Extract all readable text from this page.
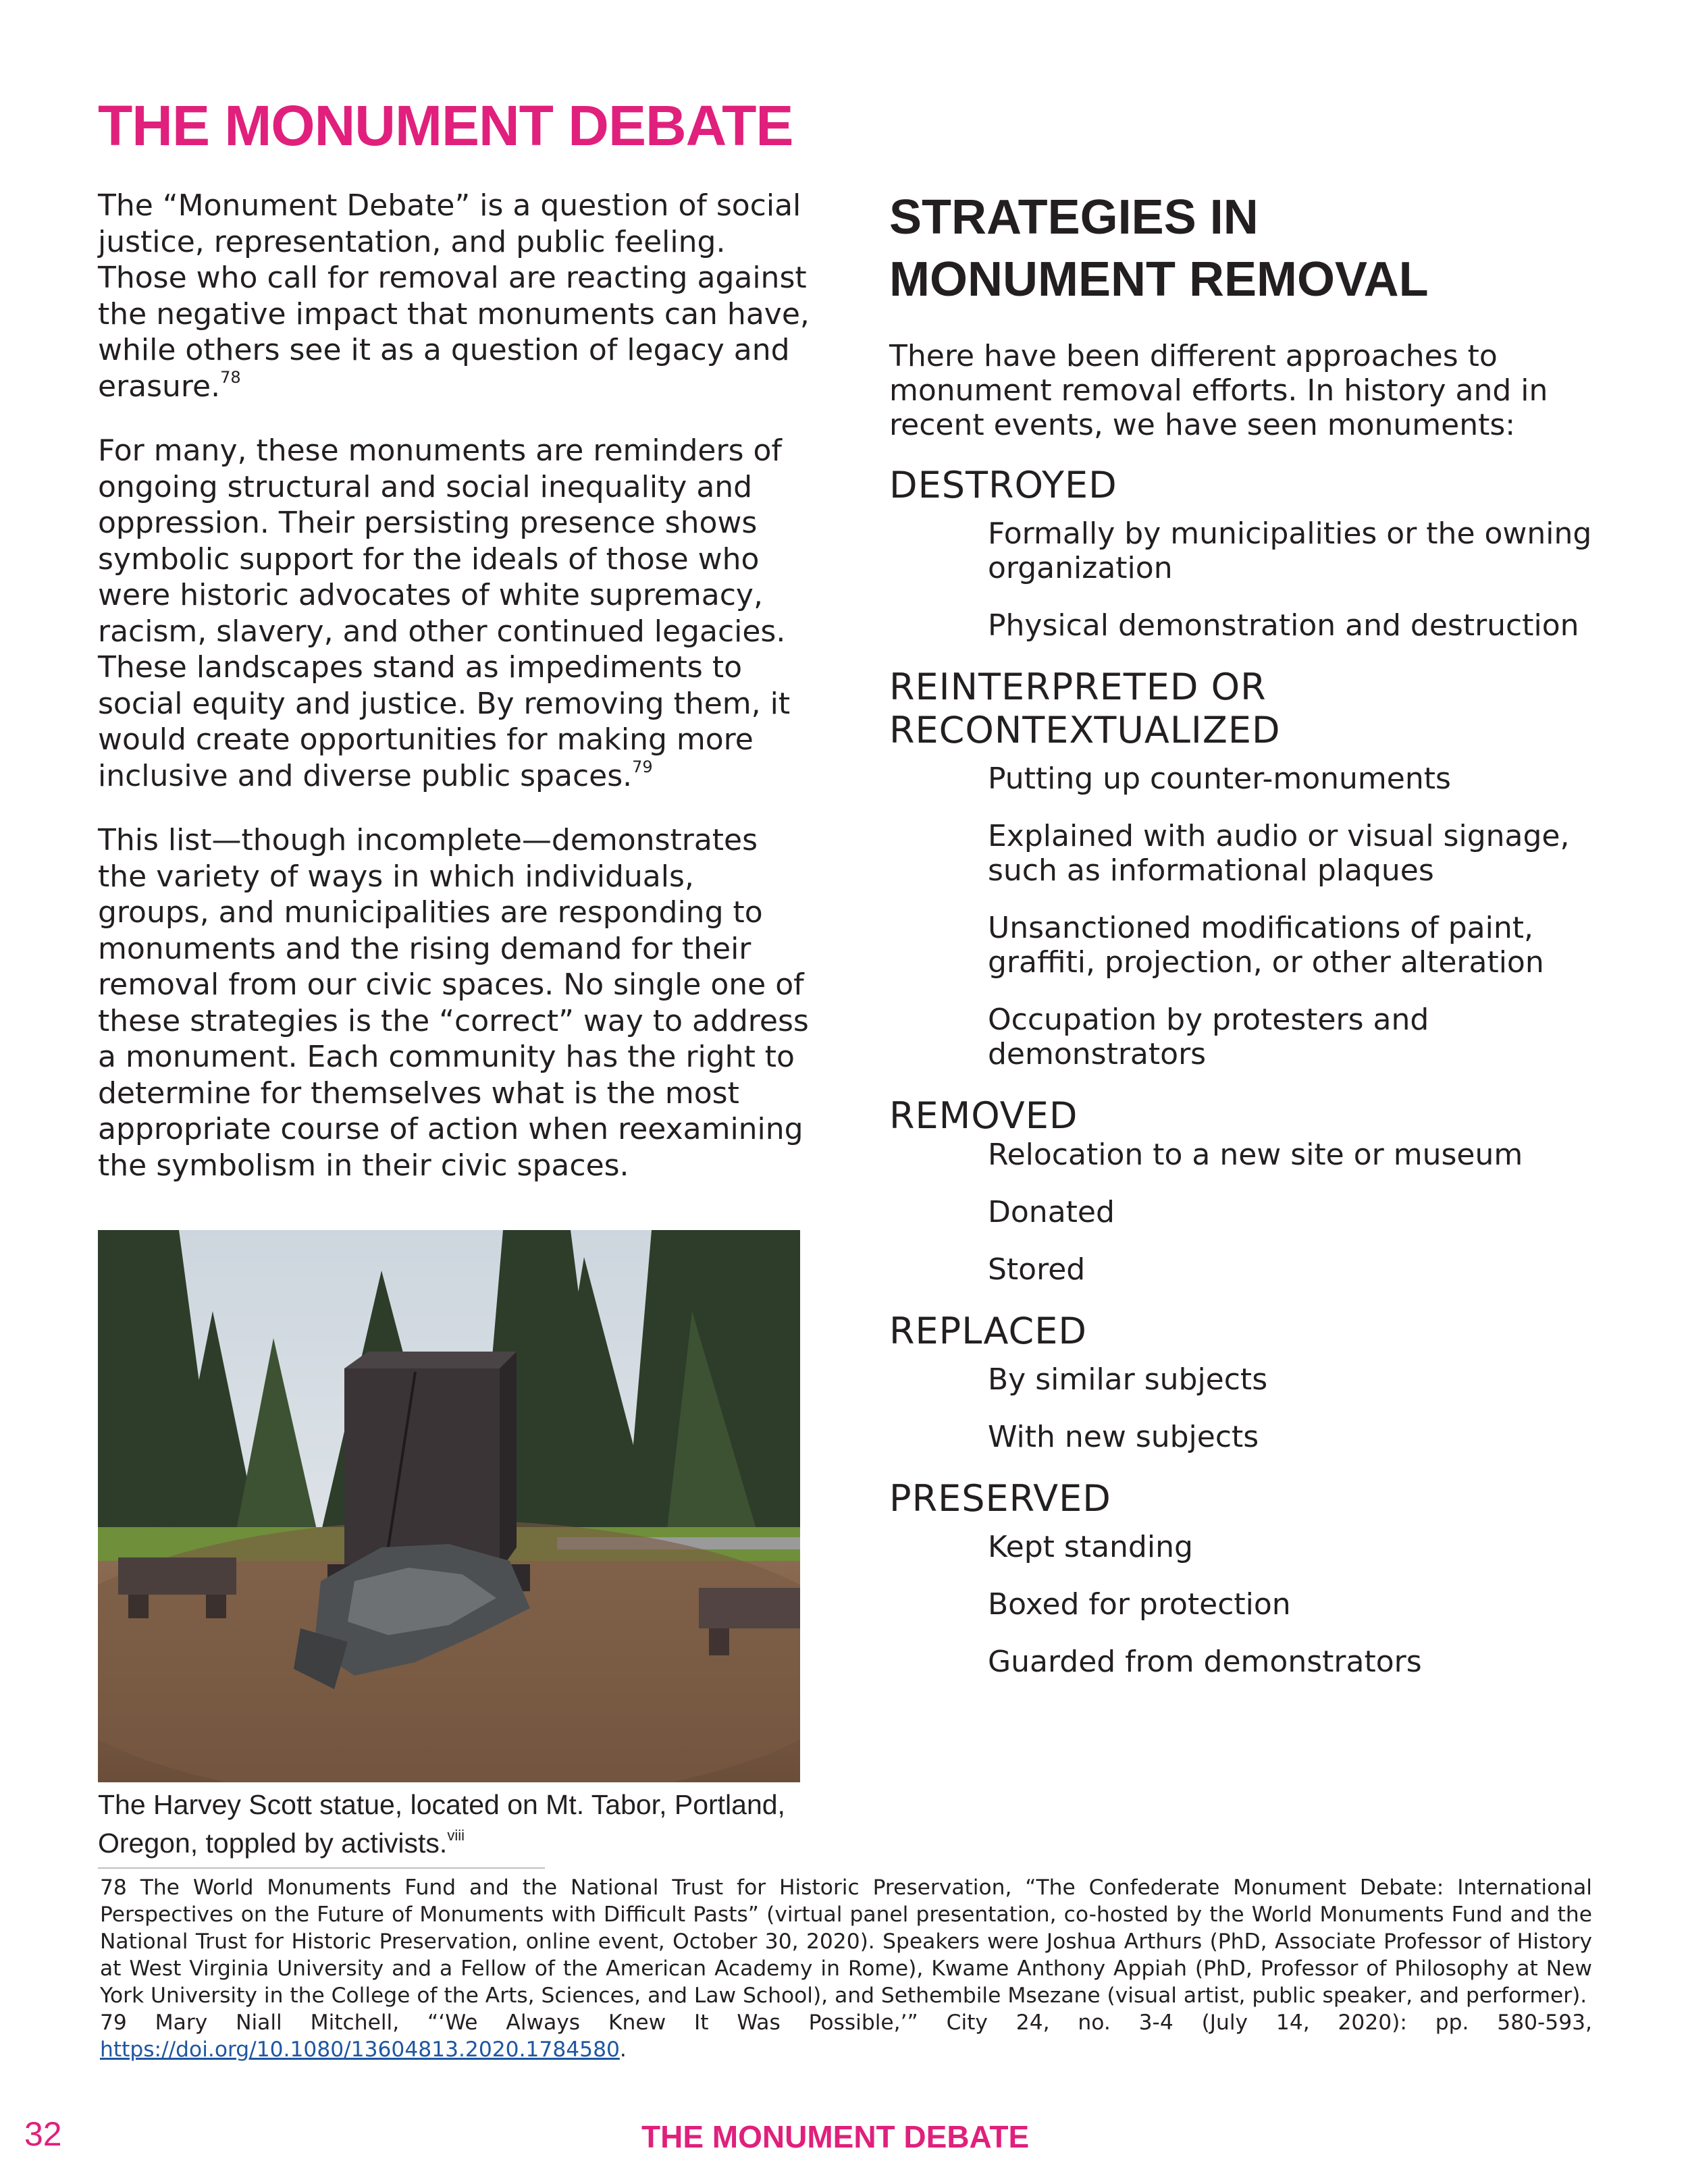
THE MONUMENT DEBATE

The “Monument Debate” is a question of social justice, representation, and public feeling. Those who call for removal are reacting against the negative impact that monuments can have, while others see it as a question of legacy and erasure.$^{78}$

For many, these monuments are reminders of ongoing structural and social inequality and oppression. Their persisting presence shows symbolic support for the ideals of those who were historic advocates of white supremacy, racism, slavery, and other continued legacies. These landscapes stand as impediments to social equity and justice. By removing them, it would create opportunities for making more inclusive and diverse public spaces.$^{79}$

This list—though incomplete—demonstrates the variety of ways in which individuals, groups, and municipalities are responding to monuments and the rising demand for their removal from our civic spaces. No single one of these strategies is the “correct” way to address a monument. Each community has the right to determine for themselves what is the most appropriate course of action when reexamining the symbolism in their civic spaces.

The Harvey Scott statue, located on Mt. Tabor, Portland, Oregon, toppled by activists.$^{viii}$

78 The World Monuments Fund and the National Trust for Historic Preservation, “The Confederate Monument Debate: International Perspectives on the Future of Monuments with Difficult Pasts” (virtual panel presentation, co-hosted by the World Monuments Fund and the National Trust for Historic Preservation, online event, October 30, 2020). Speakers were Joshua Arthurs (PhD, Associate Professor of History at West Virginia University and a Fellow of the American Academy in Rome), Kwame Anthony Appiah (PhD, Professor of Philosophy at New York University in the College of the Arts, Sciences, and Law School), and Sethembile Msezane (visual artist, public speaker, and performer).

79 Mary Niall Mitchell, “‘We Always Knew It Was Possible,’” City 24, no. 3-4 (July 14, 2020): pp. 580-593, https://doi.org/10.1080/13604813.2020.1784580.

STRATEGIES IN
MONUMENT REMOVAL

There have been different approaches to monument removal efforts. In history and in recent events, we have seen monuments:

DESTROYED

Formally by municipalities or the owning organization
Physical demonstration and destruction

REINTERPRETED OR RECONTEXTUALIZED

Putting up counter-monuments
Explained with audio or visual signage, such as informational plaques
Unsanctioned modifications of paint, graffiti, projection, or other alteration
Occupation by protesters and demonstrators

REMOVED

Relocation to a new site or museum
Donated
Stored

REPLACED

By similar subjects
With new subjects

PRESERVED

Kept standing
Boxed for protection
Guarded from demonstrators
32	THE MONUMENT DEBATE
